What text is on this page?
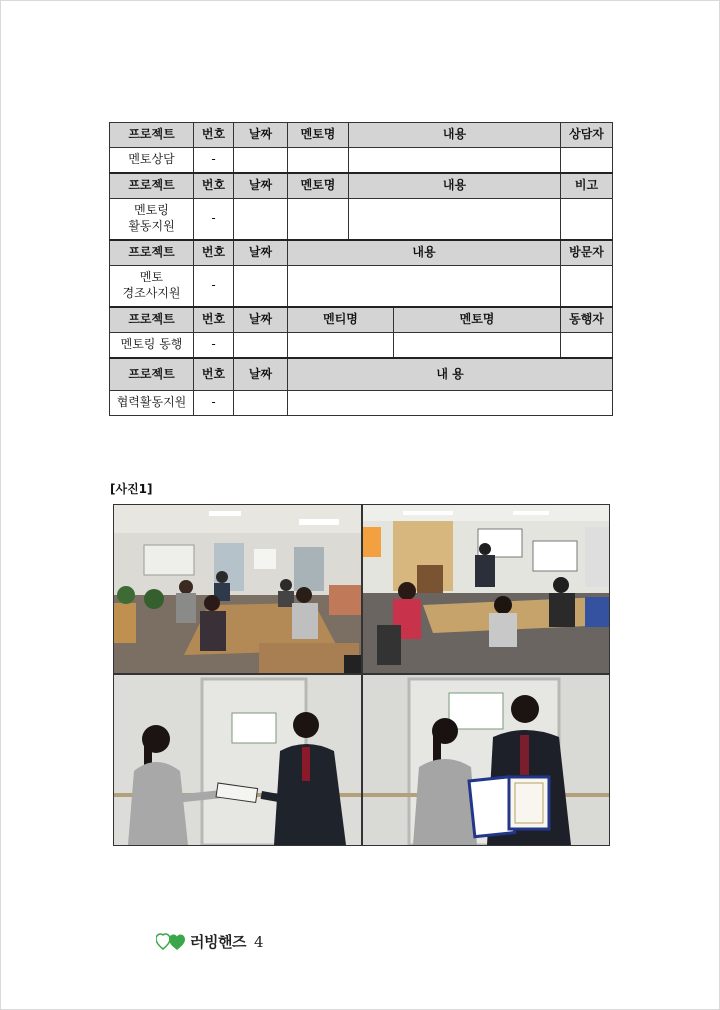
프로젝트	번호	날짜	멘토명	내용		상담자	
멘토상담	-						
프로젝트	번호	날짜	멘토명	내용		비고	
멘토링
활동지원	-						
프로젝트	번호	날짜	내용			방문자	
멘토
경조사지원	-						
프로젝트	번호	날짜	멘티명		멘토명	동행자	
멘토링 동행	-						
프로젝트	번호	날짜	내 용	
협력활동지원	-						
[사진1]
러빙핸즈 4
